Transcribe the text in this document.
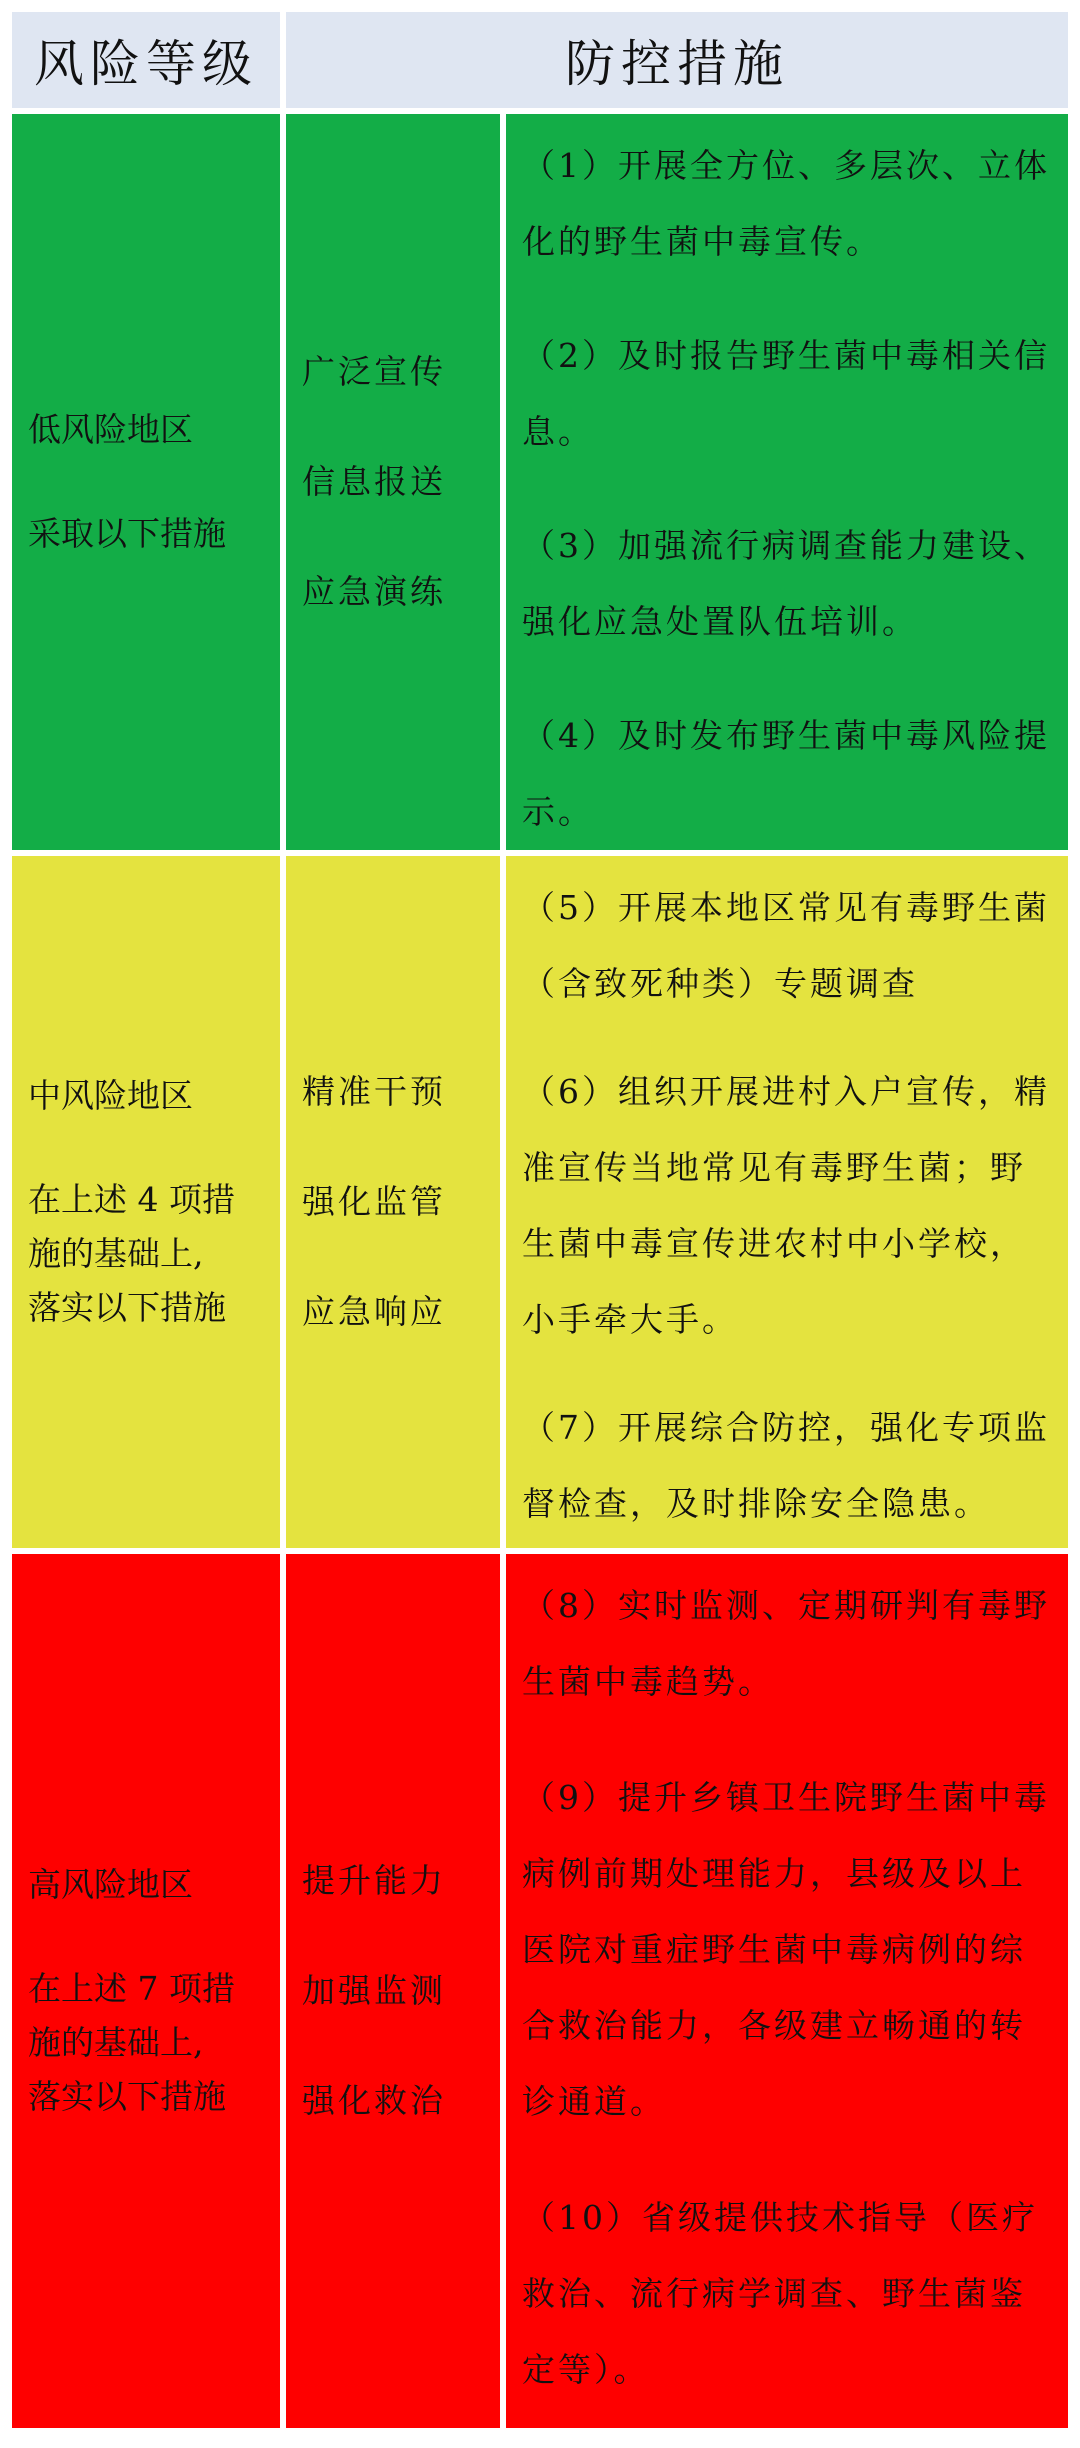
风险等级	防控措施
低风险地区
采取以下措施
广泛宣传
信息报送
应急演练
（1）开展全方位、多层次、立体化的野生菌中毒宣传。
（2）及时报告野生菌中毒相关信息。
（3）加强流行病调查能力建设、强化应急处置队伍培训。
（4）及时发布野生菌中毒风险提示。
中风险地区
在上述 4 项措
施的基础上,
落实以下措施
精准干预
强化监管
应急响应
（5）开展本地区常见有毒野生菌（含致死种类）专题调查
（6）组织开展进村入户宣传，精准宣传当地常见有毒野生菌；野生菌中毒宣传进农村中小学校，小手牵大手。
（7）开展综合防控，强化专项监督检查，及时排除安全隐患。
高风险地区
在上述 7 项措
施的基础上,
落实以下措施
提升能力
加强监测
强化救治
（8）实时监测、定期研判有毒野生菌中毒趋势。
（9）提升乡镇卫生院野生菌中毒病例前期处理能力，县级及以上医院对重症野生菌中毒病例的综合救治能力，各级建立畅通的转诊通道。
（10）省级提供技术指导（医疗救治、流行病学调查、野生菌鉴定等）。
